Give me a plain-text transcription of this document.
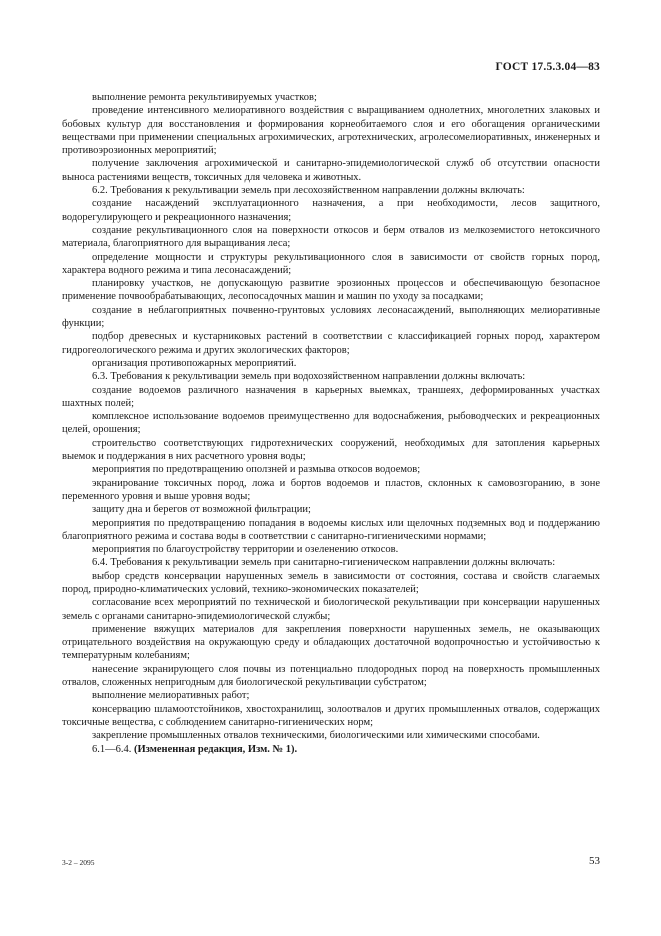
ГОСТ 17.5.3.04—83

выполнение ремонта рекультивируемых участков;

проведение интенсивного мелиоративного воздействия с выращиванием однолетних, многолетних злаковых и бобовых культур для восстановления и формирования корнеобитаемого слоя и его обогащения органическими веществами при применении специальных агрохимических, агротехнических, агролесомелиоративных, инженерных и противоэрозионных мероприятий;

получение заключения агрохимической и санитарно-эпидемиологической служб об отсутствии опасности выноса растениями веществ, токсичных для человека и животных.

6.2. Требования к рекультивации земель при лесохозяйственном направлении должны включать:

создание насаждений эксплуатационного назначения, а при необходимости, лесов защитного, водорегулирующего и рекреационного назначения;

создание рекультивационного слоя на поверхности откосов и берм отвалов из мелкоземистого нетоксичного материала, благоприятного для выращивания леса;

определение мощности и структуры рекультивационного слоя в зависимости от свойств горных пород, характера водного режима и типа лесонасаждений;

планировку участков, не допускающую развитие эрозионных процессов и обеспечивающую безопасное применение почвообрабатывающих, лесопосадочных машин и машин по уходу за посадками;

создание в неблагоприятных почвенно-грунтовых условиях лесонасаждений, выполняющих мелиоративные функции;

подбор древесных и кустарниковых растений в соответствии с классификацией горных пород, характером гидрогеологического режима и других экологических факторов;

организация противопожарных мероприятий.

6.3. Требования к рекультивации земель при водохозяйственном направлении должны включать:

создание водоемов различного назначения в карьерных выемках, траншеях, деформированных участках шахтных полей;

комплексное использование водоемов преимущественно для водоснабжения, рыбоводческих и рекреационных целей, орошения;

строительство соответствующих гидротехнических сооружений, необходимых для затопления карьерных выемок и поддержания в них расчетного уровня воды;

мероприятия по предотвращению оползней и размыва откосов водоемов;

экранирование токсичных пород, ложа и бортов водоемов и пластов, склонных к самовозгоранию, в зоне переменного уровня и выше уровня воды;

защиту дна и берегов от возможной фильтрации;

мероприятия по предотвращению попадания в водоемы кислых или щелочных подземных вод и поддержанию благоприятного режима и состава воды в соответствии с санитарно-гигиеническими нормами;

мероприятия по благоустройству территории и озеленению откосов.

6.4. Требования к рекультивации земель при санитарно-гигиеническом направлении должны включать:

выбор средств консервации нарушенных земель в зависимости от состояния, состава и свойств слагаемых пород, природно-климатических условий, технико-экономических показателей;

согласование всех мероприятий по технической и биологической рекультивации при консервации нарушенных земель с органами санитарно-эпидемиологической службы;

применение вяжущих материалов для закрепления поверхности нарушенных земель, не оказывающих отрицательного воздействия на окружающую среду и обладающих достаточной водопрочностью и устойчивостью к температурным колебаниям;

нанесение экранирующего слоя почвы из потенциально плодородных пород на поверхность промышленных отвалов, сложенных непригодным для биологической рекультивации субстратом;

выполнение мелиоративных работ;

консервацию шламоотстойников, хвостохранилищ, золоотвалов и других промышленных отвалов, содержащих токсичные вещества, с соблюдением санитарно-гигиенических норм;

закрепление промышленных отвалов техническими, биологическими или химическими способами.

6.1—6.4. (Измененная редакция, Изм. № 1).

3-2 – 2095	53
